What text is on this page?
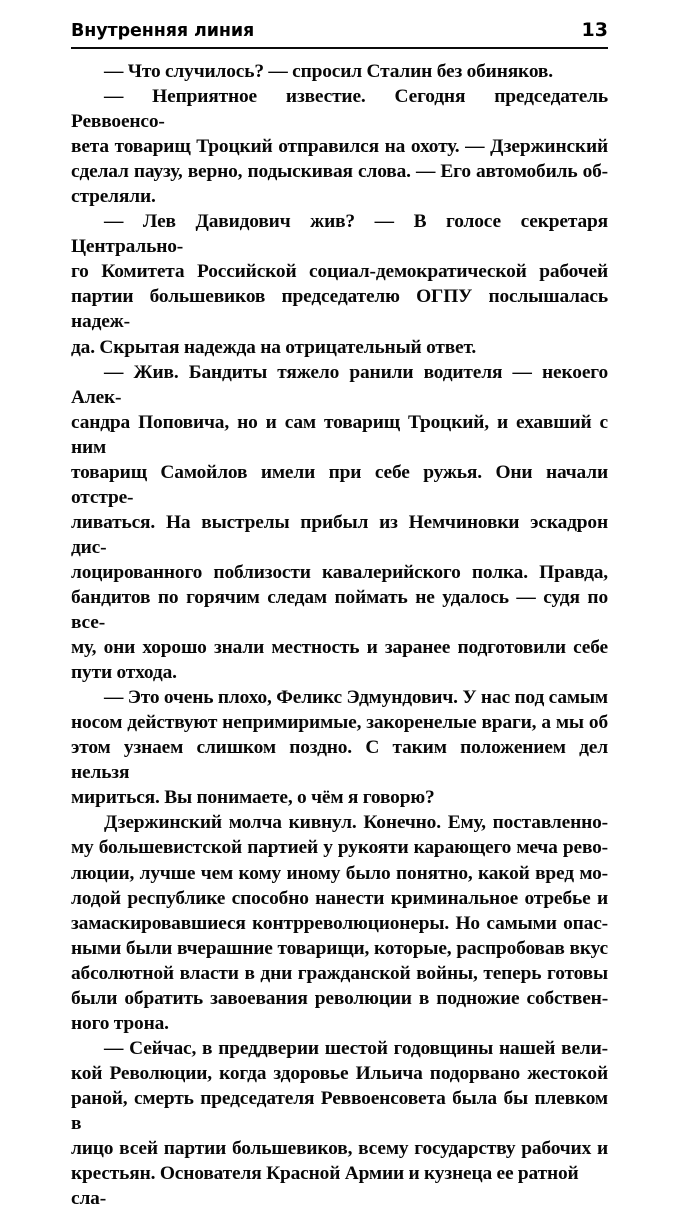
Внутренняя линия	13

— Что случилось? — спросил Сталин без обиняков.

— Неприятное известие. Сегодня председатель Реввоенсо-
вета товарищ Троцкий отправился на охоту. — Дзержинский
сделал паузу, верно, подыскивая слова. — Его автомобиль об-
стреляли.

— Лев Давидович жив? — В голосе секретаря Центрально-
го Комитета Российской социал-демократической рабочей
партии большевиков председателю ОГПУ послышалась надеж-
да. Скрытая надежда на отрицательный ответ.

— Жив. Бандиты тяжело ранили водителя — некоего Алек-
сандра Поповича, но и сам товарищ Троцкий, и ехавший с ним
товарищ Самойлов имели при себе ружья. Они начали отстре-
ливаться. На выстрелы прибыл из Немчиновки эскадрон дис-
лоцированного поблизости кавалерийского полка. Правда,
бандитов по горячим следам поймать не удалось — судя по все-
му, они хорошо знали местность и заранее подготовили себе
пути отхода.

— Это очень плохо, Феликс Эдмундович. У нас под самым
носом действуют непримиримые, закоренелые враги, а мы об
этом узнаем слишком поздно. С таким положением дел нельзя
мириться. Вы понимаете, о чём я говорю?

Дзержинский молча кивнул. Конечно. Ему, поставленно-
му большевистской партией у рукояти карающего меча рево-
люции, лучше чем кому иному было понятно, какой вред мо-
лодой республике способно нанести криминальное отребье и
замаскировавшиеся контрреволюционеры. Но самыми опас-
ными были вчерашние товарищи, которые, распробовав вкус
абсолютной власти в дни гражданской войны, теперь готовы
были обратить завоевания революции в подножие собствен-
ного трона.

— Сейчас, в преддверии шестой годовщины нашей вели-
кой Революции, когда здоровье Ильича подорвано жестокой
раной, смерть председателя Реввоенсовета была бы плевком в
лицо всей партии большевиков, всему государству рабочих и
крестьян. Основателя Красной Армии и кузнеца ее ратной сла-
